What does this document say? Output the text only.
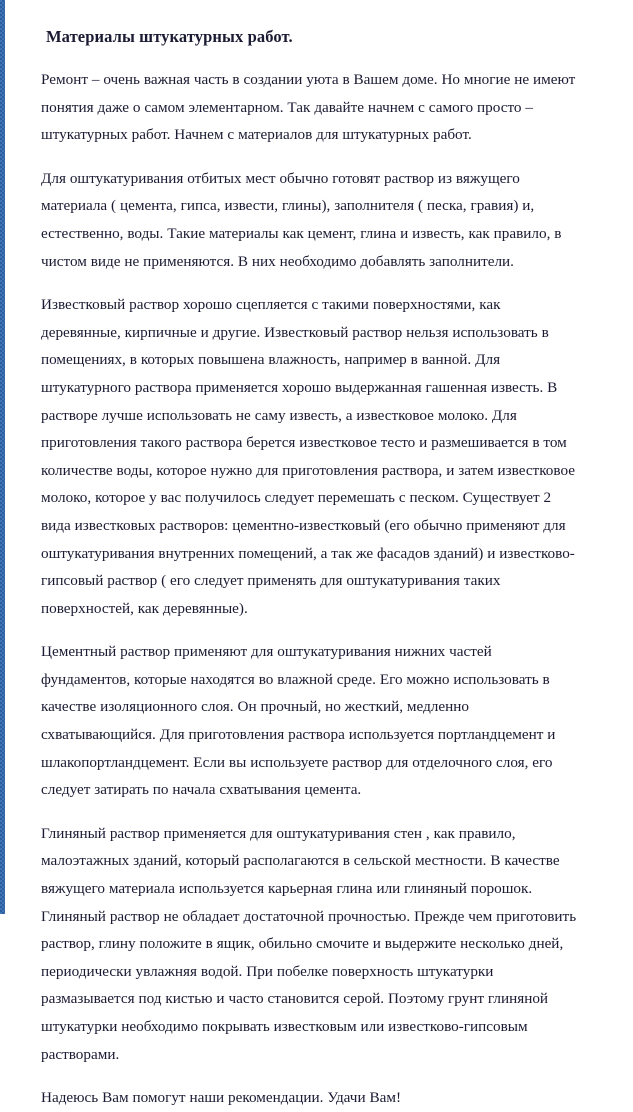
Материалы штукатурных работ.

Ремонт – очень важная часть в создании уюта в Вашем доме. Но многие не имеют понятия даже о самом элементарном. Так давайте начнем с самого просто – штукатурных работ. Начнем с материалов для штукатурных работ.

Для оштукатуривания отбитых мест обычно готовят раствор из вяжущего материала ( цемента, гипса, извести, глины), заполнителя ( песка, гравия) и, естественно, воды. Такие материалы как цемент, глина и известь, как правило, в чистом виде не применяются. В них необходимо добавлять заполнители.

Известковый раствор хорошо сцепляется с такими поверхностями, как деревянные, кирпичные и другие. Известковый раствор нельзя использовать в помещениях, в которых повышена влажность, например в ванной. Для штукатурного раствора применяется хорошо выдержанная гашенная известь. В растворе лучше использовать не саму известь, а известковое молоко. Для приготовления такого раствора берется известковое тесто и размешивается в том количестве воды, которое нужно для приготовления раствора, и затем известковое молоко, которое у вас получилось следует перемешать с песком. Существует 2 вида известковых растворов: цементно-известковый (его обычно применяют для оштукатуривания внутренних помещений, а так же фасадов зданий) и известково-гипсовый раствор ( его следует применять для оштукатуривания таких поверхностей, как деревянные).

Цементный раствор применяют для оштукатуривания нижних частей фундаментов, которые находятся во влажной среде. Его можно использовать в качестве изоляционного слоя. Он прочный, но жесткий, медленно схватывающийся. Для приготовления раствора используется портландцемент и шлакопортландцемент. Если вы используете раствор для отделочного слоя, его следует затирать по начала схватывания цемента.

Глиняный раствор применяется для оштукатуривания стен , как правило, малоэтажных зданий, который располагаются в сельской местности. В качестве вяжущего материала используется карьерная глина или глиняный порошок. Глиняный раствор не обладает достаточной прочностью. Прежде чем приготовить раствор, глину положите в ящик, обильно смочите и выдержите несколько дней, периодически увлажняя водой. При побелке поверхность штукатурки размазывается под кистью и часто становится серой. Поэтому грунт глиняной штукатурки необходимо покрывать известковым или известково-гипсовым растворами.

Надеюсь Вам помогут наши рекомендации. Удачи Вам!
